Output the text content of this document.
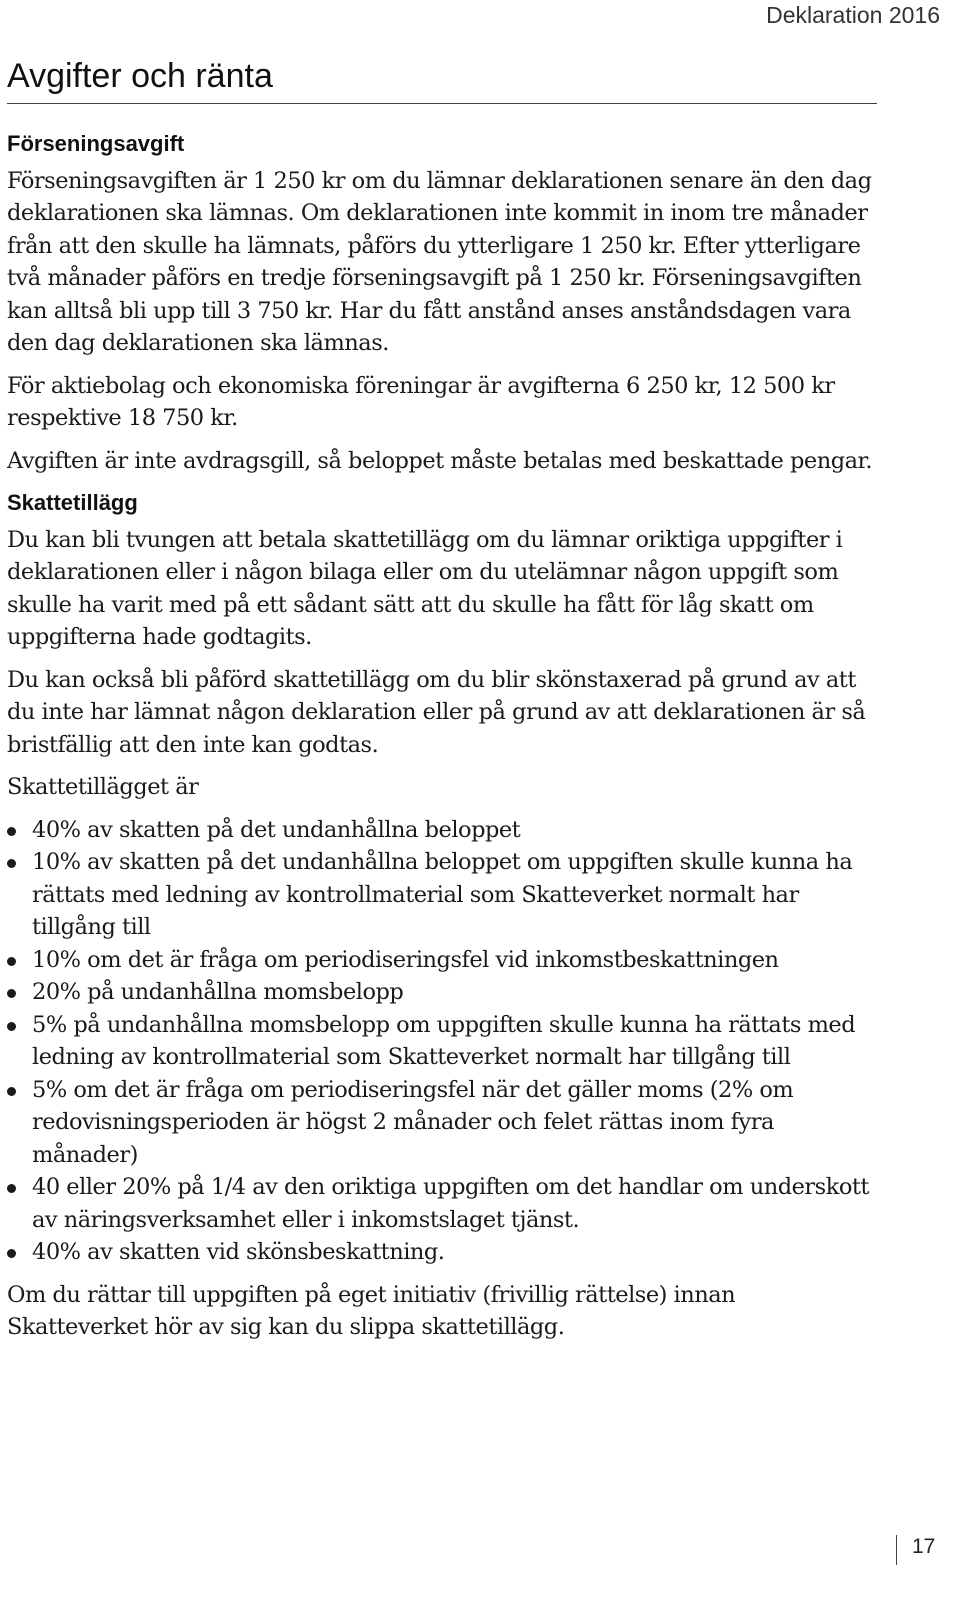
Deklaration 2016
Avgifter och ränta
Förseningsavgift

Förseningsavgiften är 1 250 kr om du lämnar deklarationen senare än den dag deklarationen ska lämnas. Om deklarationen inte kommit in inom tre månader från att den skulle ha lämnats, påförs du ytterligare 1 250 kr. Efter ytterligare två månader påförs en tredje förseningsavgift på 1 250 kr. Förseningsavgiften kan alltså bli upp till 3 750 kr. Har du fått anstånd anses anståndsdagen vara den dag deklarationen ska lämnas.

För aktiebolag och ekonomiska föreningar är avgifterna 6 250 kr, 12 500 kr respektive 18 750 kr.

Avgiften är inte avdragsgill, så beloppet måste betalas med beskattade pengar.

Skattetillägg

Du kan bli tvungen att betala skattetillägg om du lämnar oriktiga uppgifter i deklarationen eller i någon bilaga eller om du utelämnar någon uppgift som skulle ha varit med på ett sådant sätt att du skulle ha fått för låg skatt om uppgifterna hade godtagits.

Du kan också bli påförd skattetillägg om du blir skönstaxerad på grund av att du inte har lämnat någon deklaration eller på grund av att deklarationen är så bristfällig att den inte kan godtas.

Skattetillägget är

40% av skatten på det undanhållna beloppet
10% av skatten på det undanhållna beloppet om uppgiften skulle kunna ha rättats med ledning av kontrollmaterial som Skatteverket normalt har tillgång till
10% om det är fråga om periodiseringsfel vid inkomstbeskattningen
20% på undanhållna momsbelopp
5% på undanhållna momsbelopp om uppgiften skulle kunna ha rättats med ledning av kontrollmaterial som Skatteverket normalt har tillgång till
5% om det är fråga om periodiseringsfel när det gäller moms (2% om redovisningsperioden är högst 2 månader och felet rättas inom fyra månader)
40 eller 20% på 1/4 av den oriktiga uppgiften om det handlar om underskott av näringsverksamhet eller i inkomstslaget tjänst.
40% av skatten vid skönsbeskattning.

Om du rättar till uppgiften på eget initiativ (frivillig rättelse) innan Skatteverket hör av sig kan du slippa skattetillägg.

17
